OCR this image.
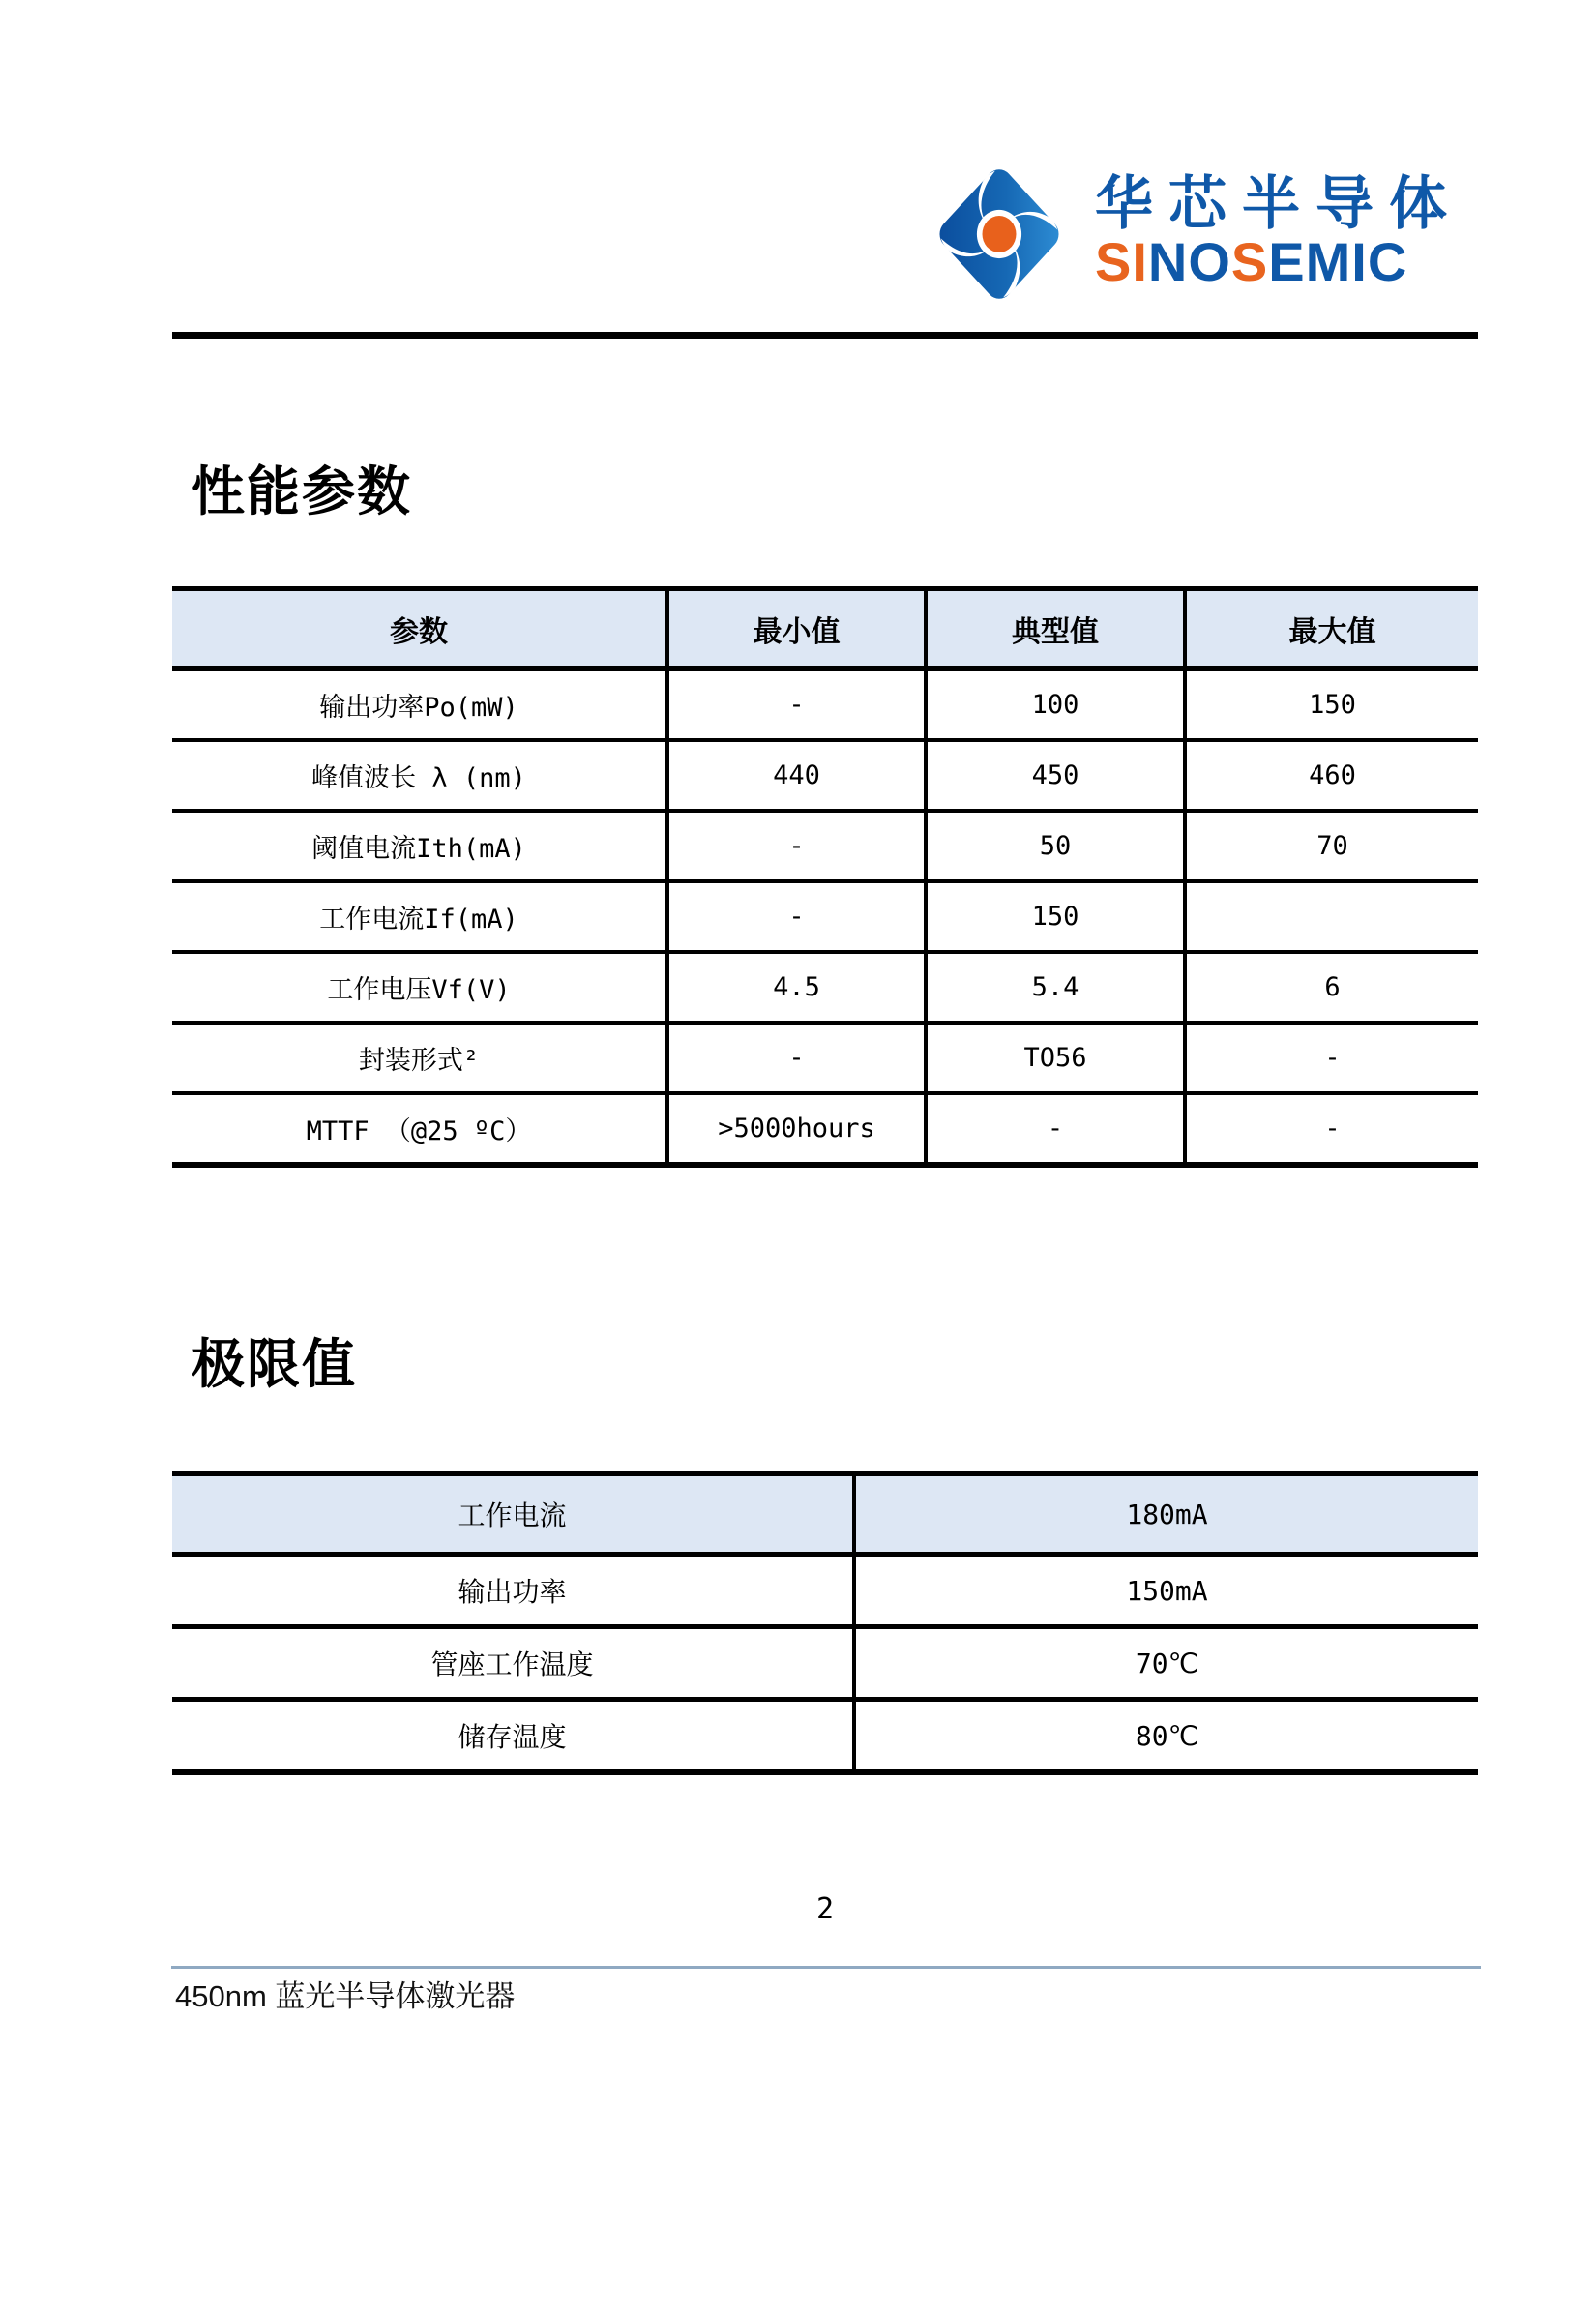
华芯半导体
SINOSEMIC
性能参数
参数	最小值	典型值	最大值
输出功率Po(mW)	-	100	150
峰值波长 λ (nm)	440	450	460
阈值电流Ith(mA)	-	50	70
工作电流If(mA)	-	150	
工作电压Vf(V)	4.5	5.4	6
封装形式²	-	TO56	-
MTTF （@25 ºC）	>5000hours	-	-
极限值
工作电流	180mA
输出功率	150mA
管座工作温度	70℃
储存温度	80℃
2
450nm 蓝光半导体激光器
